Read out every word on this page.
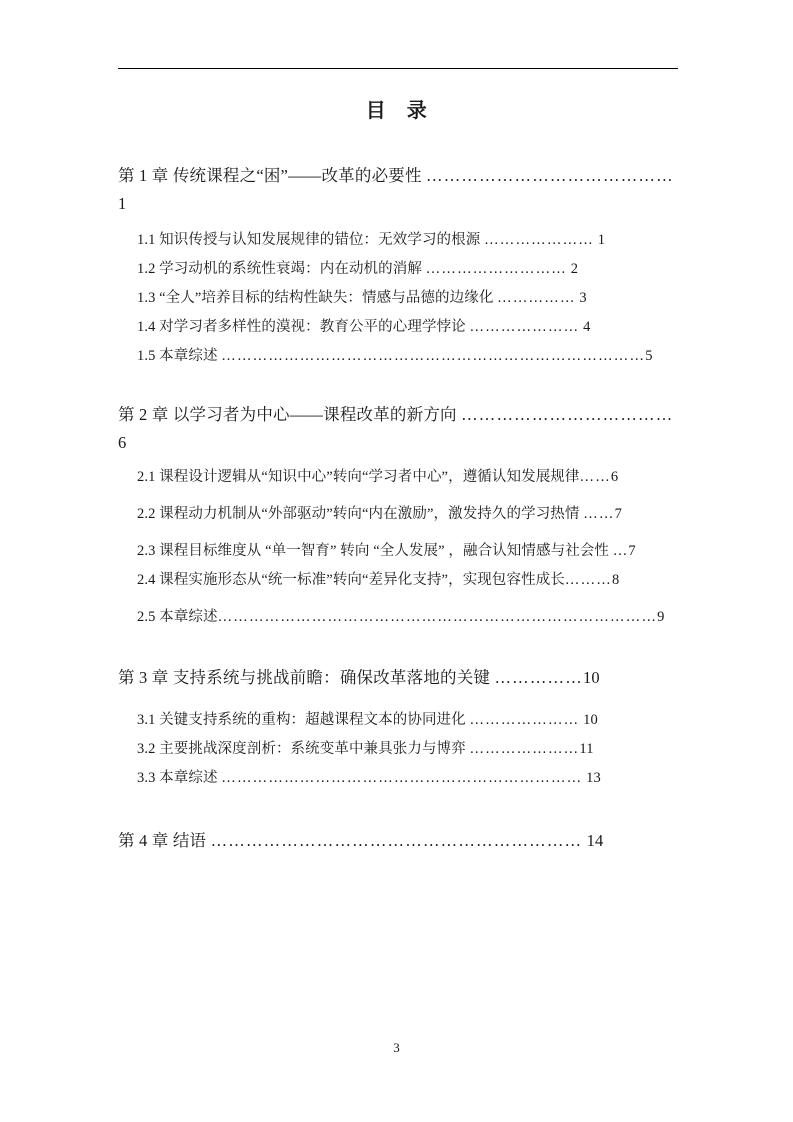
目　录
第 1 章 传统课程之“困”——改革的必要性 ……………………………………1
1.1 知识传授与认知发展规律的错位：无效学习的根源 ………………… 1
1.2 学习动机的系统性衰竭：内在动机的消解 ……………………… 2
1.3 “全人”培养目标的结构性缺失：情感与品德的边缘化 …………… 3
1.4 对学习者多样性的漠视：教育公平的心理学悖论 ………………… 4
1.5 本章综述 ………………………………………………………………………5
第 2 章 以学习者为中心——课程改革的新方向 ………………………………6
2.1 课程设计逻辑从“知识中心”转向“学习者中心”，遵循认知发展规律……6
2.2 课程动力机制从“外部驱动”转向“内在激励”，激发持久的学习热情 ……7
2.3 课程目标维度从 “单一智育” 转向 “全人发展” ，融合认知情感与社会性 …7
2.4 课程实施形态从“统一标准”转向“差异化支持”，实现包容性成长………8
2.5 本章综述…………………………………………………………………………9
第 3 章 支持系统与挑战前瞻：确保改革落地的关键 ……………10
3.1 关键支持系统的重构：超越课程文本的协同进化 ………………… 10
3.2 主要挑战深度剖析：系统变革中兼具张力与博弈 …………………11
3.3 本章综述 …………………………………………………………… 13
第 4 章 结语 ……………………………………………………… 14
3
